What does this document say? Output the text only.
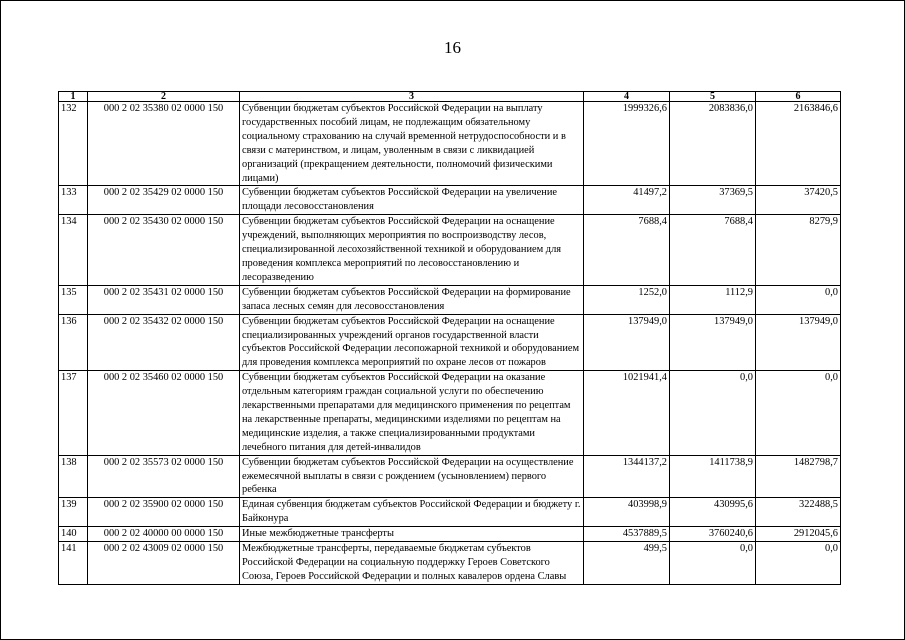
16
1	2	3	4	5	6
132	000 2 02 35380 02 0000 150	Субвенции бюджетам субъектов Российской Федерации на выплату государственных пособий лицам, не подлежащим обязательному социальному страхованию на случай временной нетрудоспособности и в связи с материнством, и лицам, уволенным в связи с ликвидацией организаций (прекращением деятельности, полномочий физическими лицами)	1999326,6	2083836,0	2163846,6
133	000 2 02 35429 02 0000 150	Субвенции бюджетам субъектов Российской Федерации на увеличение площади лесовосстановления	41497,2	37369,5	37420,5
134	000 2 02 35430 02 0000 150	Субвенции бюджетам субъектов Российской Федерации на оснащение учреждений, выполняющих мероприятия по воспроизводству лесов, специализированной лесохозяйственной техникой и оборудованием для проведения комплекса мероприятий по лесовосстановлению и лесоразведению	7688,4	7688,4	8279,9
135	000 2 02 35431 02 0000 150	Субвенции бюджетам субъектов Российской Федерации на формирование запаса лесных семян для лесовосстановления	1252,0	1112,9	0,0
136	000 2 02 35432 02 0000 150	Субвенции бюджетам субъектов Российской Федерации на оснащение специализированных учреждений органов государственной власти субъектов Российской Федерации лесопожарной техникой и оборудованием для проведения комплекса мероприятий по охране лесов от пожаров	137949,0	137949,0	137949,0
137	000 2 02 35460 02 0000 150	Субвенции бюджетам субъектов Российской Федерации на оказание отдельным категориям граждан социальной услуги по обеспечению лекарственными препаратами для медицинского применения по рецептам на лекарственные препараты, медицинскими изделиями по рецептам на медицинские изделия, а также специализированными продуктами лечебного питания для детей-инвалидов	1021941,4	0,0	0,0
138	000 2 02 35573 02 0000 150	Субвенции бюджетам субъектов Российской Федерации на осуществление ежемесячной выплаты в связи с рождением (усыновлением) первого ребенка	1344137,2	1411738,9	1482798,7
139	000 2 02 35900 02 0000 150	Единая субвенция бюджетам субъектов Российской Федерации и бюджету г. Байконура	403998,9	430995,6	322488,5
140	000 2 02 40000 00 0000 150	Иные межбюджетные трансферты	4537889,5	3760240,6	2912045,6
141	000 2 02 43009 02 0000 150	Межбюджетные трансферты, передаваемые бюджетам субъектов Российской Федерации на социальную поддержку Героев Советского Союза, Героев Российской Федерации и полных кавалеров ордена Славы	499,5	0,0	0,0
